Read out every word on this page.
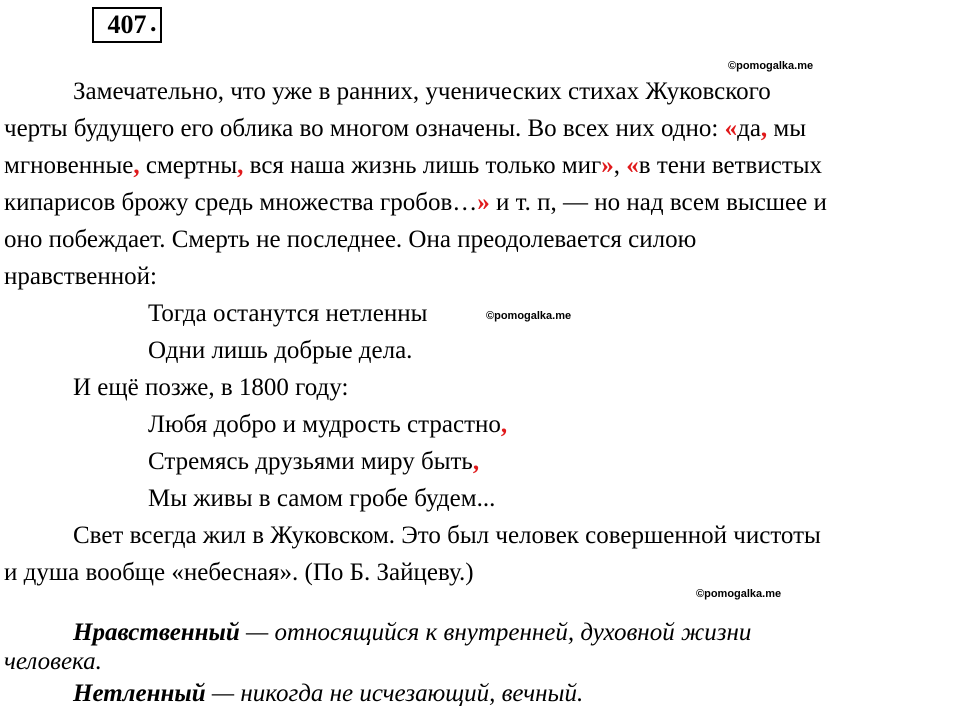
407 .
©pomogalka.me
Замечательно, что уже в ранних, ученических стихах Жуковского
черты будущего его облика во многом означены. Во всех них одно: «да, мы
мгновенные, смертны, вся наша жизнь лишь только миг», «в тени ветвистых
кипарисов брожу средь множества гробов…» и т. п, — но над всем высшее и
оно побеждает. Смерть не последнее. Она преодолевается силою
нравственной:
Тогда останутся нетленны	©pomogalka.me
Одни лишь добрые дела.
И ещё позже, в 1800 году:
Любя добро и мудрость страстно,
Стремясь друзьями миру быть,
Мы живы в самом гробе будем...
Свет всегда жил в Жуковском. Это был человек совершенной чистоты
и душа вообще «небесная». (По Б. Зайцеву.)
©pomogalka.me
Нравственный — относящийся к внутренней, духовной жизни
человека.
Нетленный — никогда не исчезающий, вечный.
